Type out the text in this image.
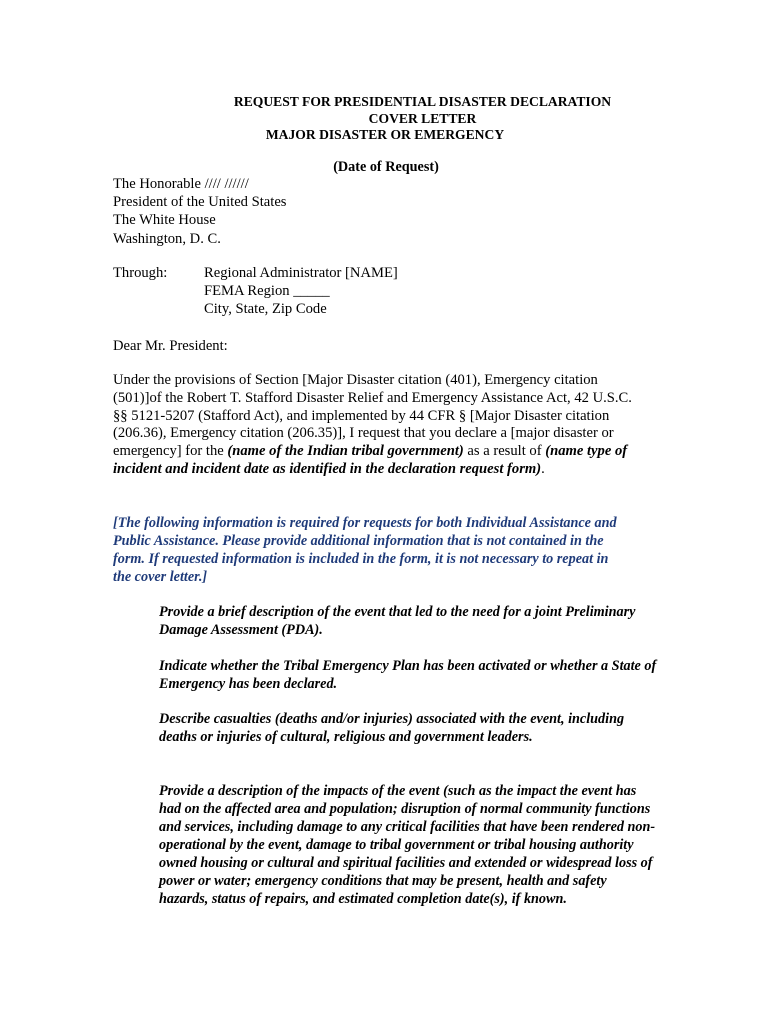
REQUEST FOR PRESIDENTIAL DISASTER DECLARATION
COVER LETTER
MAJOR DISASTER OR EMERGENCY
(Date of Request)
The Honorable //// //////
President of the United States
The White House
Washington, D. C.
Through:	Regional Administrator [NAME]
FEMA Region _____
City, State, Zip Code
Dear Mr. President:
Under the provisions of Section [Major Disaster citation (401), Emergency citation (501)]of the Robert T. Stafford Disaster Relief and Emergency Assistance Act, 42 U.S.C. §§ 5121-5207 (Stafford Act), and implemented by 44 CFR § [Major Disaster citation (206.36), Emergency citation (206.35)], I request that you declare a [major disaster or emergency] for the (name of the Indian tribal government) as a result of (name type of incident and incident date as identified in the declaration request form).
[The following information is required for requests for both Individual Assistance and Public Assistance. Please provide additional information that is not contained in the form. If requested information is included in the form, it is not necessary to repeat in the cover letter.]

Provide a brief description of the event that led to the need for a joint Preliminary Damage Assessment (PDA).

Indicate whether the Tribal Emergency Plan has been activated or whether a State of Emergency has been declared.

Describe casualties (deaths and/or injuries) associated with the event, including deaths or injuries of cultural, religious and government leaders.

Provide a description of the impacts of the event (such as the impact the event has had on the affected area and population; disruption of normal community functions and services, including damage to any critical facilities that have been rendered non-operational by the event, damage to tribal government or tribal housing authority owned housing or cultural and spiritual facilities and extended or widespread loss of power or water; emergency conditions that may be present, health and safety hazards, status of repairs, and estimated completion date(s), if known.
